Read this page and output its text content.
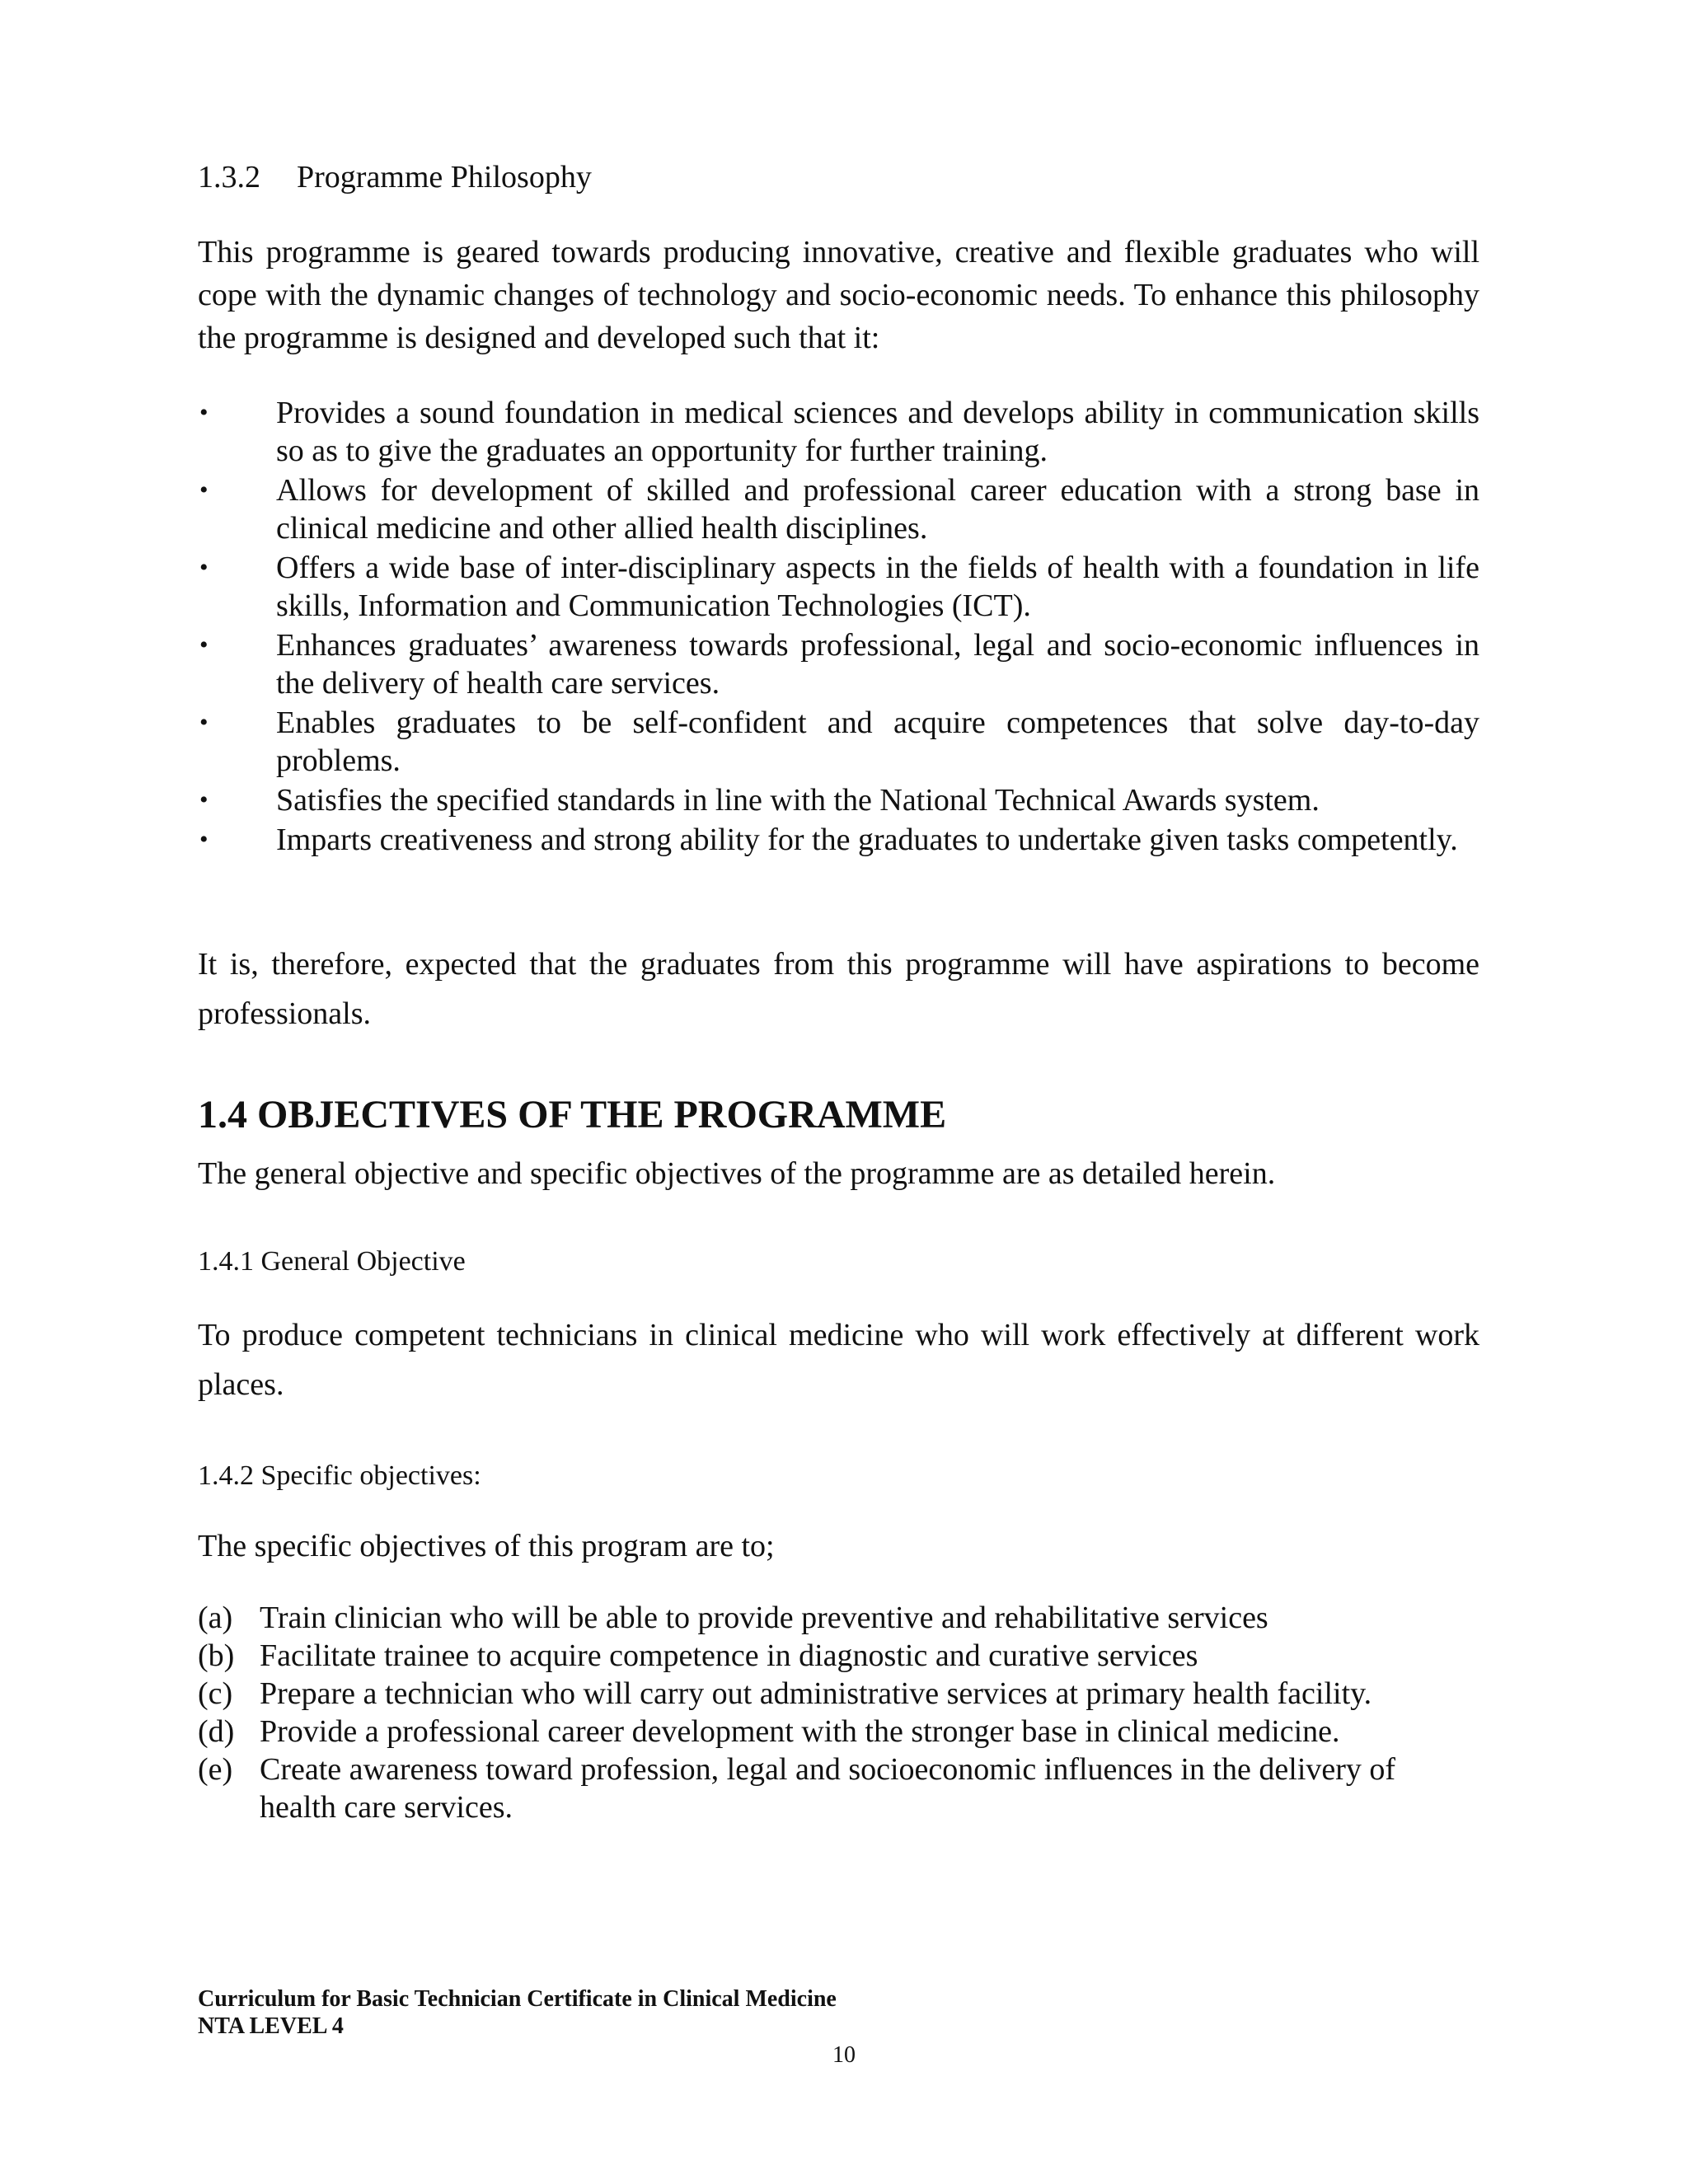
1.3.2 Programme Philosophy

This programme is geared towards producing innovative, creative and flexible graduates who will cope with the dynamic changes of technology and socio-economic needs. To enhance this philosophy the programme is designed and developed such that it:

• Provides a sound foundation in medical sciences and develops ability in communication skills so as to give the graduates an opportunity for further training.
• Allows for development of skilled and professional career education with a strong base in clinical medicine and other allied health disciplines.
• Offers a wide base of inter-disciplinary aspects in the fields of health with a foundation in life skills, Information and Communication Technologies (ICT).
• Enhances graduates’ awareness towards professional, legal and socio-economic influences in the delivery of health care services.
• Enables graduates to be self-confident and acquire competences that solve day-to-day problems.
• Satisfies the specified standards in line with the National Technical Awards system.
• Imparts creativeness and strong ability for the graduates to undertake given tasks competently.

It is, therefore, expected that the graduates from this programme will have aspirations to become professionals.

1.4 OBJECTIVES OF THE PROGRAMME

The general objective and specific objectives of the programme are as detailed herein.

1.4.1 General Objective

To produce competent technicians in clinical medicine who will work effectively at different work places.

1.4.2 Specific objectives:

The specific objectives of this program are to;

(a) Train clinician who will be able to provide preventive and rehabilitative services
(b) Facilitate trainee to acquire competence in diagnostic and curative services
(c) Prepare a technician who will carry out administrative services at primary health facility.
(d) Provide a professional career development with the stronger base in clinical medicine.
(e) Create awareness toward profession, legal and socioeconomic influences in the delivery of health care services.

Curriculum for Basic Technician Certificate in Clinical Medicine

NTA LEVEL 4

10
